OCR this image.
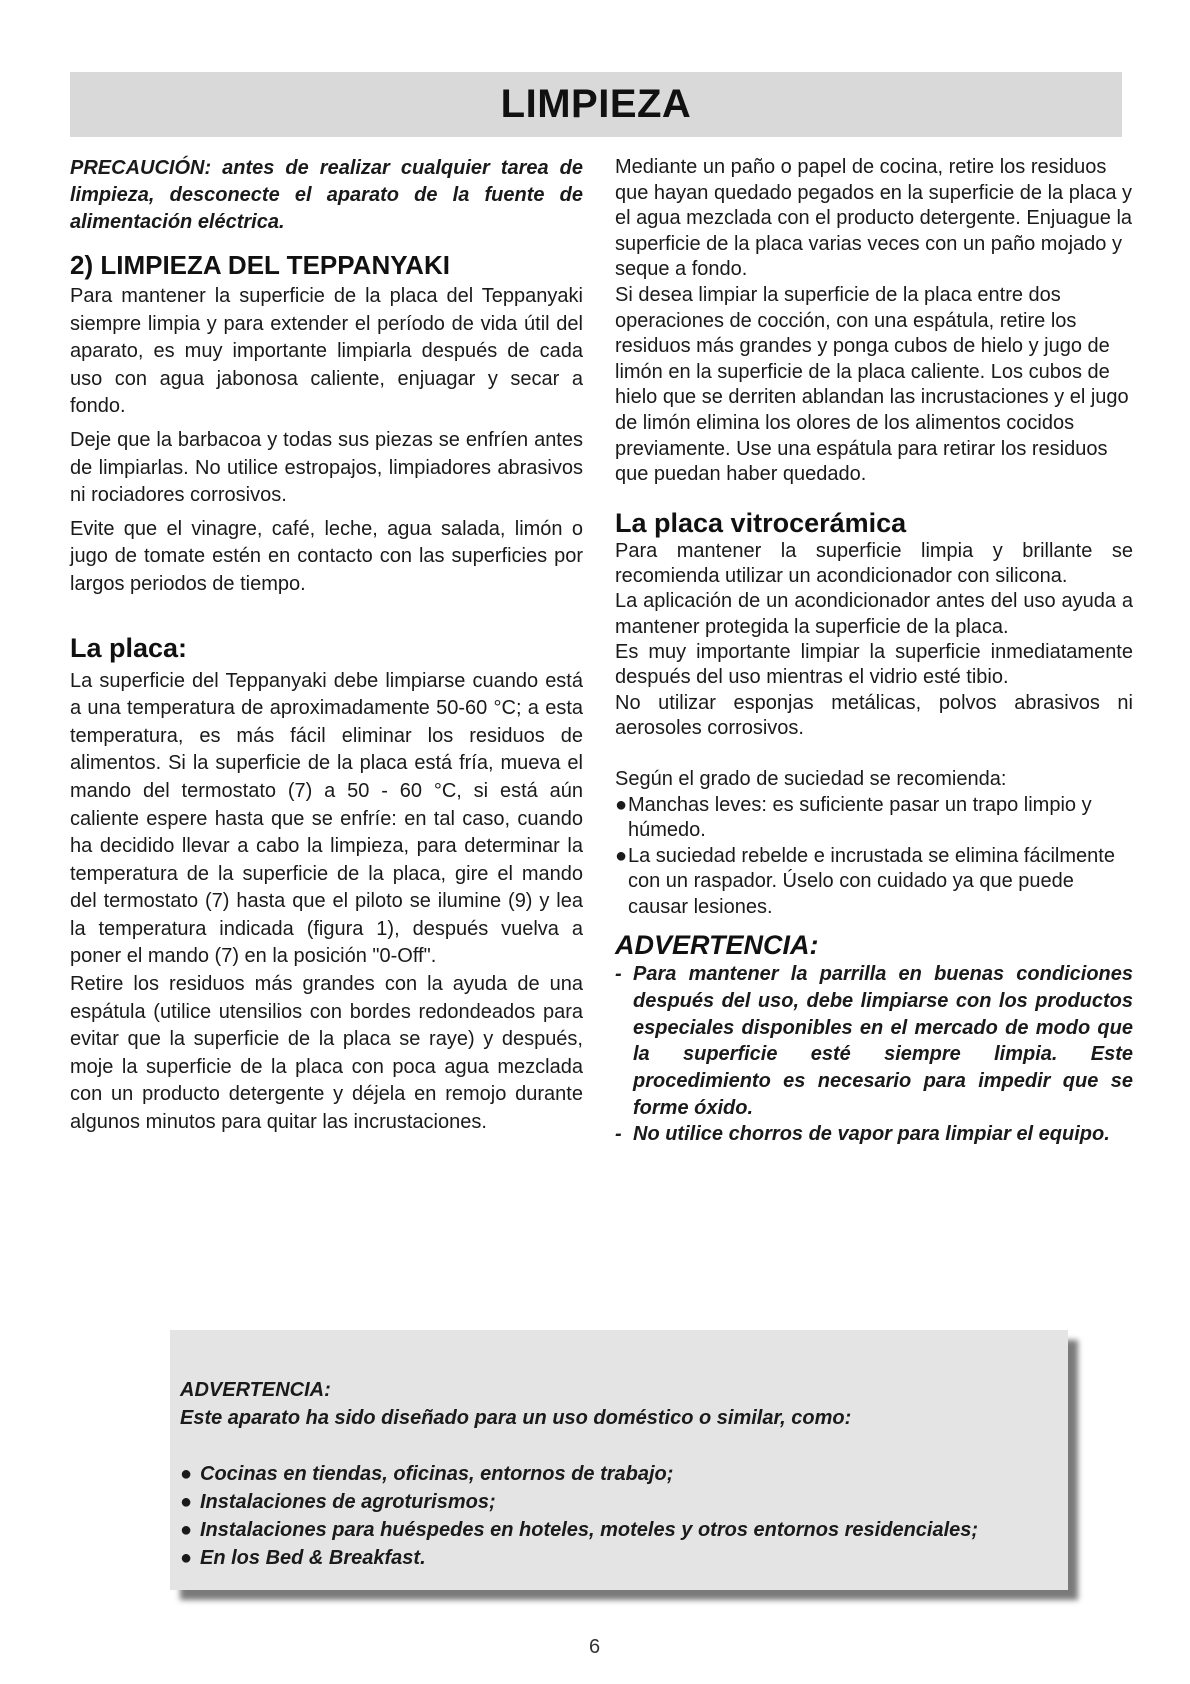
LIMPIEZA

PRECAUCIÓN: antes de realizar cualquier tarea de limpieza, desconecte el aparato de la fuente de alimentación eléctrica.

2) LIMPIEZA DEL TEPPANYAKI

Para mantener la superficie de la placa del Teppanyaki siempre limpia y para extender el período de vida útil del aparato, es muy importante limpiarla después de cada uso con agua jabonosa caliente, enjuagar y secar a fondo.

Deje que la barbacoa y todas sus piezas se enfríen antes de limpiarlas. No utilice estropajos, limpiadores abrasivos ni rociadores corrosivos.

Evite que el vinagre, café, leche, agua salada, limón o jugo de tomate estén en contacto con las superficies por largos periodos de tiempo.

La placa:

La superficie del Teppanyaki debe limpiarse cuando está a una temperatura de aproximadamente 50-60 °C; a esta temperatura, es más fácil eliminar los residuos de alimentos. Si la superficie de la placa está fría, mueva el mando del termostato (7) a 50 - 60 °C, si está aún caliente espere hasta que se enfríe: en tal caso, cuando ha decidido llevar a cabo la limpieza, para determinar la temperatura de la superficie de la placa, gire el mando del termostato (7) hasta que el piloto se ilumine (9) y lea la temperatura indicada (figura 1), después vuelva a poner el mando (7) en la posición "0-Off".

Retire los residuos más grandes con la ayuda de una espátula (utilice utensilios con bordes redondeados para evitar que la superficie de la placa se raye) y después, moje la superficie de la placa con poca agua mezclada con un producto detergente y déjela en remojo durante algunos minutos para quitar las incrustaciones.

Mediante un paño o papel de cocina, retire los residuos que hayan quedado pegados en la superficie de la placa y el agua mezclada con el producto detergente. Enjuague la superficie de la placa varias veces con un paño mojado y seque a fondo.

Si desea limpiar la superficie de la placa entre dos operaciones de cocción, con una espátula, retire los residuos más grandes y ponga cubos de hielo y jugo de limón en la superficie de la placa caliente. Los cubos de hielo que se derriten ablandan las incrustaciones y el jugo de limón elimina los olores de los alimentos cocidos previamente. Use una espátula para retirar los residuos que puedan haber quedado.

La placa vitrocerámica

Para mantener la superficie limpia y brillante se recomienda utilizar un acondicionador con silicona.

La aplicación de un acondicionador antes del uso ayuda a mantener protegida la superficie de la placa.

Es muy importante limpiar la superficie inmediatamente después del uso mientras el vidrio esté tibio.

No utilizar esponjas metálicas, polvos abrasivos ni aerosoles corrosivos.

Según el grado de suciedad se recomienda:

● Manchas leves: es suficiente pasar un trapo limpio y húmedo.
● La suciedad rebelde e incrustada se elimina fácilmente con un raspador. Úselo con cuidado ya que puede causar lesiones.
ADVERTENCIA:
- Para mantener la parrilla en buenas condiciones después del uso, debe limpiarse con los productos especiales disponibles en el mercado de modo que la superficie esté siempre limpia. Este procedimiento es necesario para impedir que se forme óxido.
- No utilice chorros de vapor para limpiar el equipo.

ADVERTENCIA:

Este aparato ha sido diseñado para un uso doméstico o similar, como:

● Cocinas en tiendas, oficinas, entornos de trabajo;
● Instalaciones de agroturismos;
● Instalaciones para huéspedes en hoteles, moteles y otros entornos residenciales;
● En los Bed & Breakfast.
6
